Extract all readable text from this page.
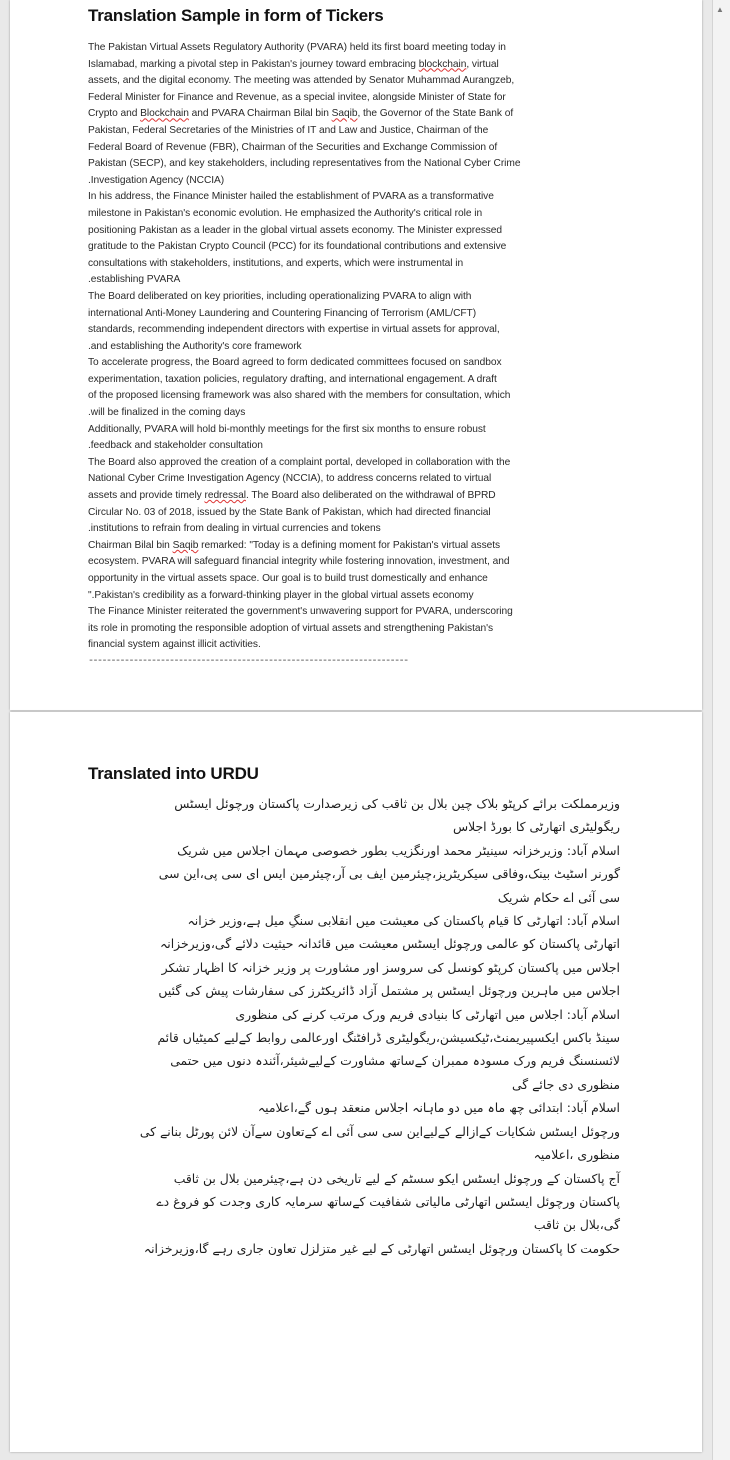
▲
Translation Sample in form of Tickers
The Pakistan Virtual Assets Regulatory Authority (PVARA) held its first board meeting today in
Islamabad, marking a pivotal step in Pakistan's journey toward embracing blockchain, virtual
assets, and the digital economy. The meeting was attended by Senator Muhammad Aurangzeb,
Federal Minister for Finance and Revenue, as a special invitee, alongside Minister of State for
Crypto and Blockchain and PVARA Chairman Bilal bin Saqib, the Governor of the State Bank of
Pakistan, Federal Secretaries of the Ministries of IT and Law and Justice, Chairman of the
Federal Board of Revenue (FBR), Chairman of the Securities and Exchange Commission of
Pakistan (SECP), and key stakeholders, including representatives from the National Cyber Crime
.Investigation Agency (NCCIA)
In his address, the Finance Minister hailed the establishment of PVARA as a transformative
milestone in Pakistan's economic evolution. He emphasized the Authority's critical role in
positioning Pakistan as a leader in the global virtual assets economy. The Minister expressed
gratitude to the Pakistan Crypto Council (PCC) for its foundational contributions and extensive
consultations with stakeholders, institutions, and experts, which were instrumental in
.establishing PVARA
The Board deliberated on key priorities, including operationalizing PVARA to align with
international Anti-Money Laundering and Countering Financing of Terrorism (AML/CFT)
standards, recommending independent directors with expertise in virtual assets for approval,
.and establishing the Authority's core framework
To accelerate progress, the Board agreed to form dedicated committees focused on sandbox
experimentation, taxation policies, regulatory drafting, and international engagement. A draft
of the proposed licensing framework was also shared with the members for consultation, which
.will be finalized in the coming days
Additionally, PVARA will hold bi-monthly meetings for the first six months to ensure robust
.feedback and stakeholder consultation
The Board also approved the creation of a complaint portal, developed in collaboration with the
National Cyber Crime Investigation Agency (NCCIA), to address concerns related to virtual
assets and provide timely redressal. The Board also deliberated on the withdrawal of BPRD
Circular No. 03 of 2018, issued by the State Bank of Pakistan, which had directed financial
.institutions to refrain from dealing in virtual currencies and tokens
Chairman Bilal bin Saqib remarked: "Today is a defining moment for Pakistan's virtual assets
ecosystem. PVARA will safeguard financial integrity while fostering innovation, investment, and
opportunity in the virtual assets space. Our goal is to build trust domestically and enhance
".Pakistan's credibility as a forward-thinking player in the global virtual assets economy
The Finance Minister reiterated the government's unwavering support for PVARA, underscoring
its role in promoting the responsible adoption of virtual assets and strengthening Pakistan's
financial system against illicit activities.
-----------------------------------------------------------------------
Translated into URDU
وزیرمملکت برائے کرپٹو بلاک چین بلال بن ثاقب کی زیرصدارت پاکستان ورچوئل ایسٹس
ریگولیٹری اتھارٹی کا بورڈ اجلاس
اسلام آباد: وزیرخزانہ سینیٹر محمد اورنگزیب بطور خصوصی مہمان اجلاس میں شریک
گورنر اسٹیٹ بینک،وفاقی سیکریٹریز،چیئرمین ایف بی آر،چیئرمین ایس ای سی پی،این سی
سی آئی اے حکام شریک
اسلام آباد: اتھارٹی کا قیام پاکستان کی معیشت میں انقلابی سنگِ میل ہے،وزیر خزانہ
اتھارٹی پاکستان کو عالمی ورچوئل ایسٹس معیشت میں قائدانہ حیثیت دلائے گی،وزیرخزانہ
اجلاس میں پاکستان کرپٹو کونسل کی سروسز اور مشاورت پر وزیر خزانہ کا اظہار تشکر
اجلاس میں ماہرین ورچوئل ایسٹس پر مشتمل آزاد ڈائریکٹرز کی سفارشات پیش کی گئیں
اسلام آباد: اجلاس میں اتھارٹی کا بنیادی فریم ورک مرتب کرنے کی منظوری
سینڈ باکس ایکسپیریمنٹ،ٹیکسیشن،ریگولیٹری ڈرافٹنگ اورعالمی روابط کےلیے کمیٹیاں قائم
لائسنسنگ فریم ورک مسودہ ممبران کےساتھ مشاورت کےلیےشیئر،آئندہ دنوں میں حتمی
منظوری دی جائے گی
اسلام آباد: ابتدائی چھ ماہ میں دو ماہانہ اجلاس منعقد ہوں گے،اعلامیہ
ورچوئل ایسٹس شکایات کےازالے کےلیےاین سی سی آئی اے کےتعاون سےآن لائن پورٹل بنانے کی
منظوری ،اعلامیہ
آج پاکستان کے ورچوئل ایسٹس ایکو سسٹم کے لیے تاریخی دن ہے،چیئرمین بلال بن ثاقب
پاکستان ورچوئل ایسٹس اتھارٹی مالیاتی شفافیت کےساتھ سرمایہ کاری وجدت کو فروغ دے
گی،بلال بن ثاقب
حکومت کا پاکستان ورچوئل ایسٹس اتھارٹی کے لیے غیر متزلزل تعاون جاری رہے گا،وزیرخزانہ
